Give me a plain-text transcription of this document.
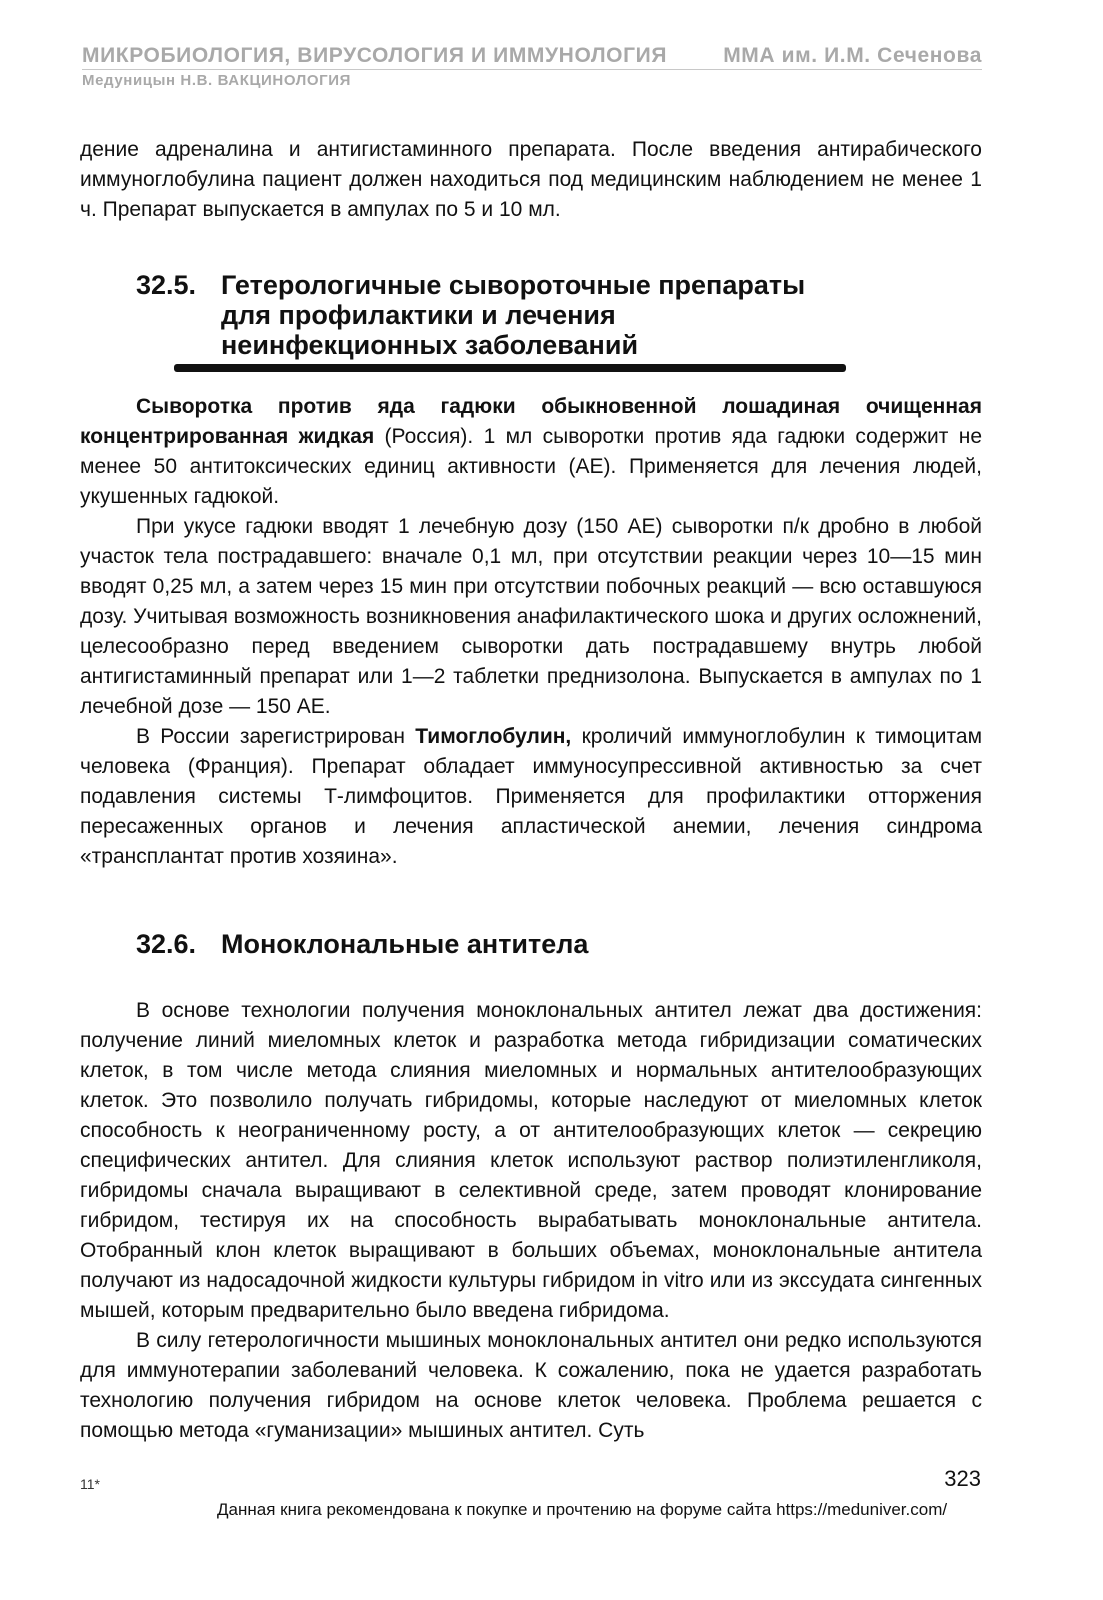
МИКРОБИОЛОГИЯ, ВИРУСОЛОГИЯ И ИММУНОЛОГИЯ	ММА им. И.М. Сеченова
Медуницын Н.В. ВАКЦИНОЛОГИЯ

дение адреналина и антигистаминного препарата. После введения антирабического иммуноглобулина пациент должен находиться под медицинским наблюдением не менее 1 ч. Препарат выпускается в ампулах по 5 и 10 мл.

32.5. Гетерологичные сывороточные препараты
для профилактики и лечения
неинфекционных заболеваний

Сыворотка против яда гадюки обыкновенной лошадиная очищенная концентрированная жидкая (Россия). 1 мл сыворотки против яда гадюки содержит не менее 50 антитоксических единиц активности (АЕ). Применяется для лечения людей, укушенных гадюкой.

При укусе гадюки вводят 1 лечебную дозу (150 АЕ) сыворотки п/к дробно в любой участок тела пострадавшего: вначале 0,1 мл, при отсутствии реакции через 10—15 мин вводят 0,25 мл, а затем через 15 мин при отсутствии побочных реакций — всю оставшуюся дозу. Учитывая возможность возникновения анафилактического шока и других осложнений, целесообразно перед введением сыворотки дать пострадавшему внутрь любой антигистаминный препарат или 1—2 таблетки преднизолона. Выпускается в ампулах по 1 лечебной дозе — 150 АЕ.

В России зарегистрирован Тимоглобулин, кроличий иммуноглобулин к тимоцитам человека (Франция). Препарат обладает иммуносупрессивной активностью за счет подавления системы Т-лимфоцитов. Применяется для профилактики отторжения пересаженных органов и лечения апластической анемии, лечения синдрома «трансплантат против хозяина».

32.6. Моноклональные антитела

В основе технологии получения моноклональных антител лежат два достижения: получение линий миеломных клеток и разработка метода гибридизации соматических клеток, в том числе метода слияния миеломных и нормальных антителообразующих клеток. Это позволило получать гибридомы, которые наследуют от миеломных клеток способность к неограниченному росту, а от антителообразующих клеток — секрецию специфических антител. Для слияния клеток используют раствор полиэтиленгликоля, гибридомы сначала выращивают в селективной среде, затем проводят клонирование гибридом, тестируя их на способность вырабатывать моноклональные антитела. Отобранный клон клеток выращивают в больших объемах, моноклональные антитела получают из надосадочной жидкости культуры гибридом in vitro или из экссудата сингенных мышей, которым предварительно было введена гибридома.

В силу гетерологичности мышиных моноклональных антител они редко используются для иммунотерапии заболеваний человека. К сожалению, пока не удается разработать технологию получения гибридом на основе клеток человека. Проблема решается с помощью метода «гуманизации» мышиных антител. Суть

11*	323
Данная книга рекомендована к покупке и прочтению на форуме сайта https://meduniver.com/
